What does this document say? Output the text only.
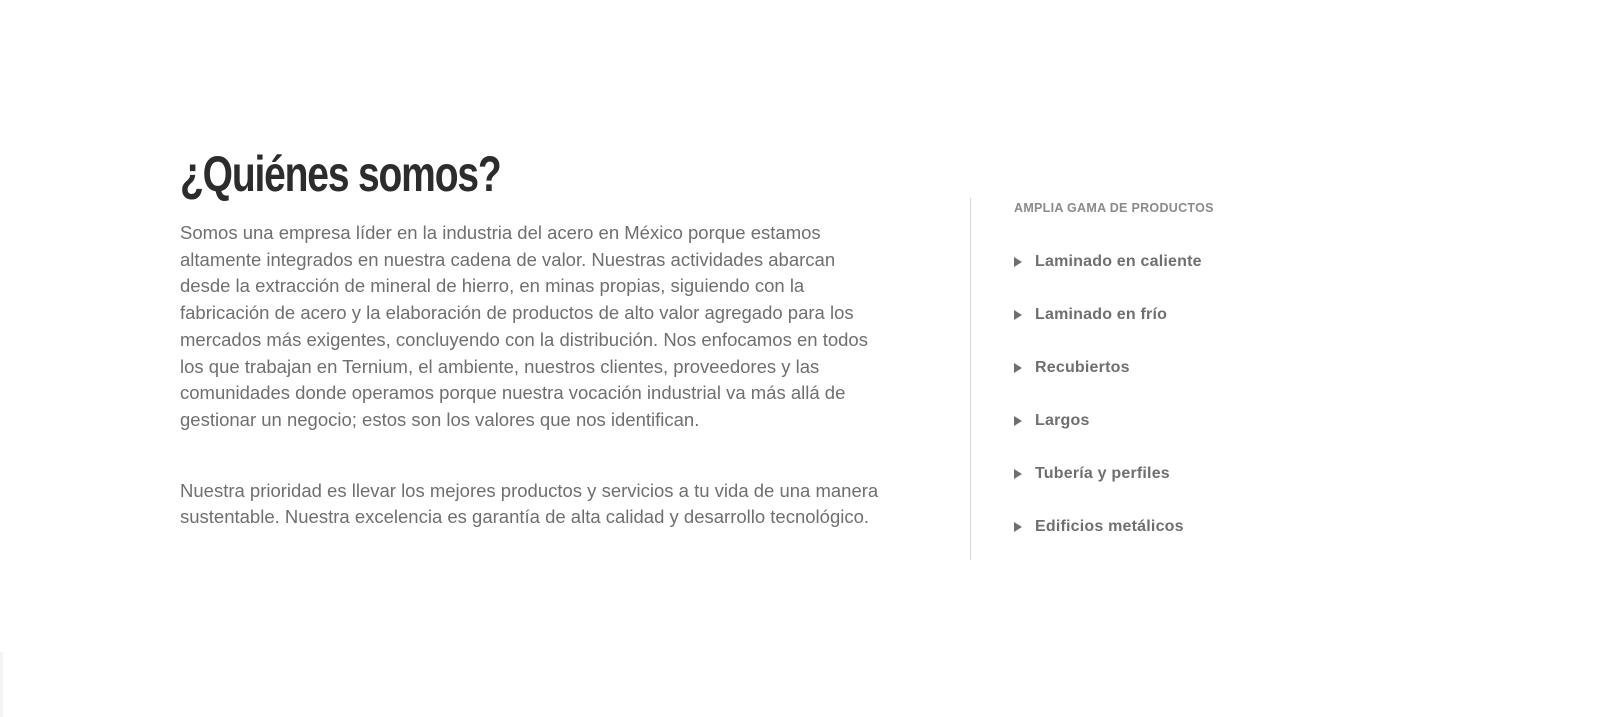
¿Quiénes somos?

Somos una empresa líder en la industria del acero en México porque estamos altamente integrados en nuestra cadena de valor. Nuestras actividades abarcan desde la extracción de mineral de hierro, en minas propias, siguiendo con la fabricación de acero y la elaboración de productos de alto valor agregado para los mercados más exigentes, concluyendo con la distribución. Nos enfocamos en todos los que trabajan en Ternium, el ambiente, nuestros clientes, proveedores y las comunidades donde operamos porque nuestra vocación industrial va más allá de gestionar un negocio; estos son los valores que nos identifican.

Nuestra prioridad es llevar los mejores productos y servicios a tu vida de una manera sustentable. Nuestra excelencia es garantía de alta calidad y desarrollo tecnológico.

AMPLIA GAMA DE PRODUCTOS
Laminado en caliente
Laminado en frío
Recubiertos
Largos
Tubería y perfiles
Edificios metálicos
